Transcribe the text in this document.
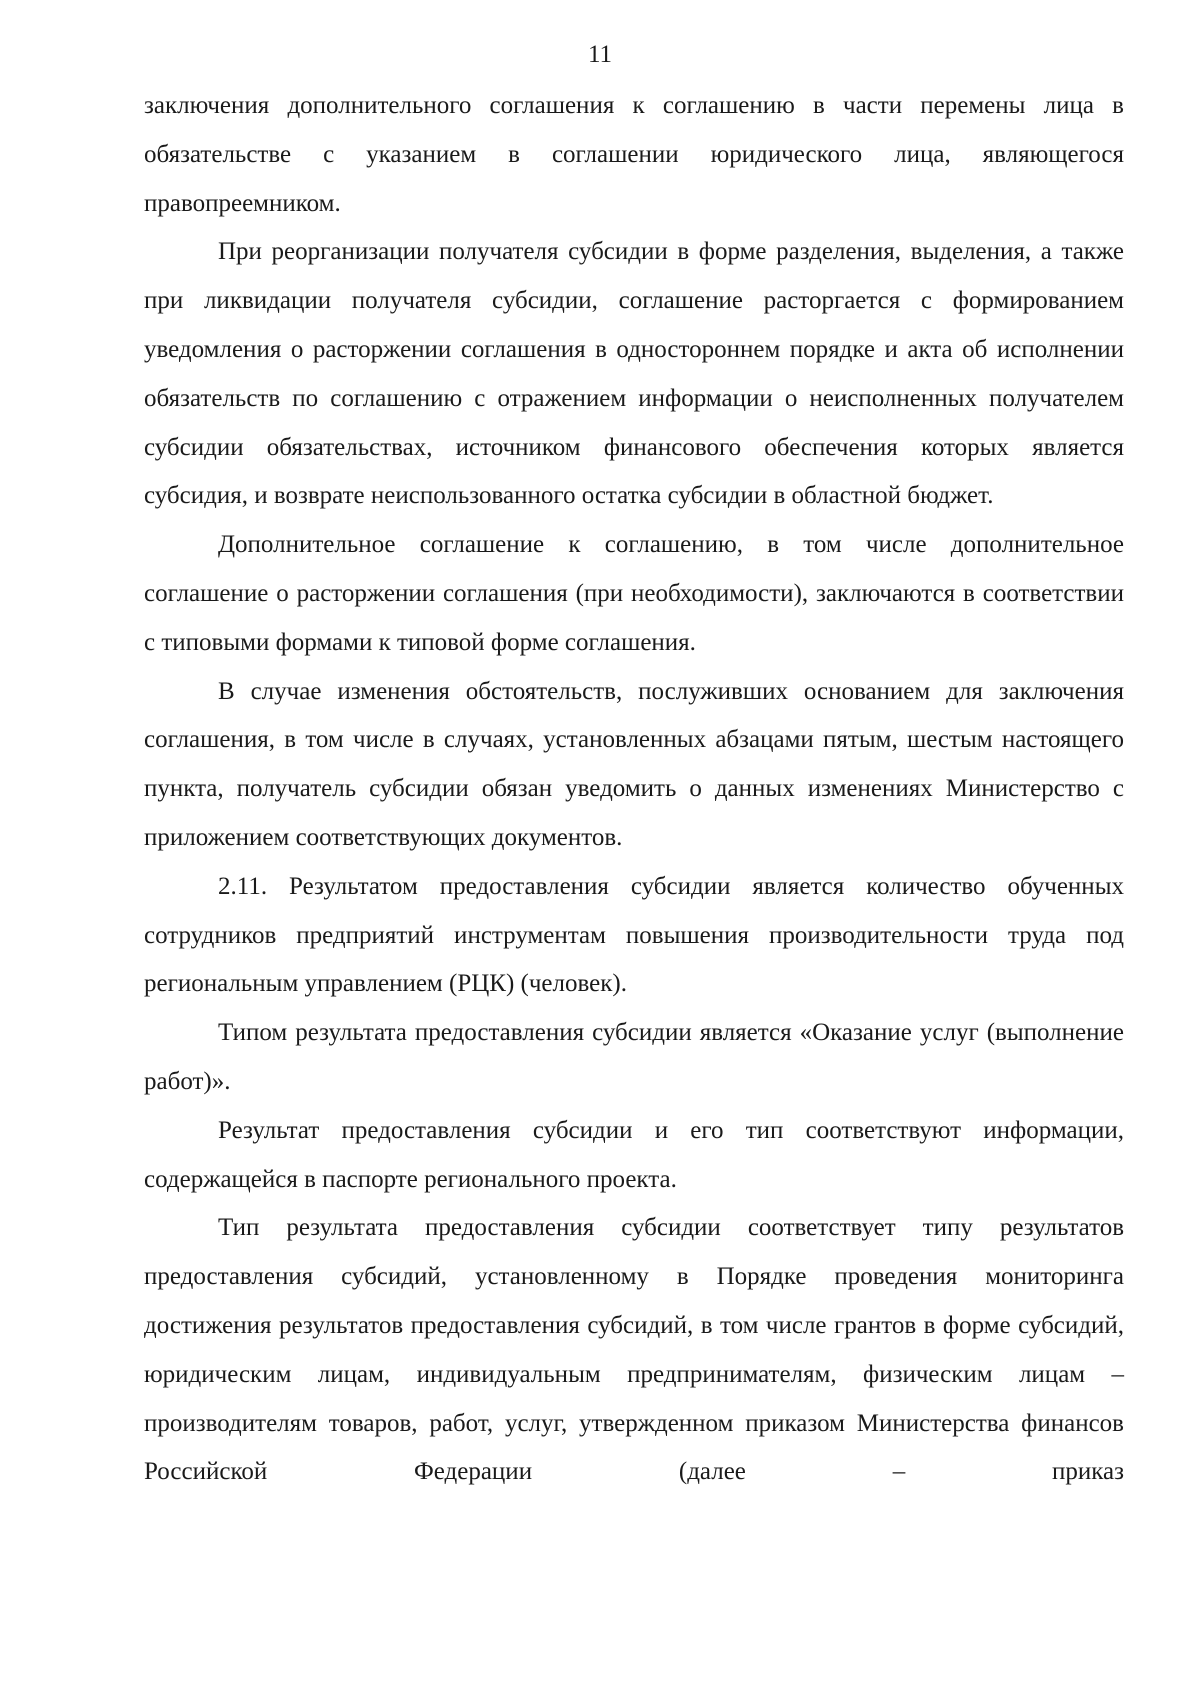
11

заключения дополнительного соглашения к соглашению в части перемены лица в обязательстве с указанием в соглашении юридического лица, являющегося правопреемником.

При реорганизации получателя субсидии в форме разделения, выделения, а также при ликвидации получателя субсидии, соглашение расторгается с формированием уведомления о расторжении соглашения в одностороннем порядке и акта об исполнении обязательств по соглашению с отражением информации о неисполненных получателем субсидии обязательствах, источником финансового обеспечения которых является субсидия, и возврате неиспользованного остатка субсидии в областной бюджет.

Дополнительное соглашение к соглашению, в том числе дополнительное соглашение о расторжении соглашения (при необходимости), заключаются в соответствии с типовыми формами к типовой форме соглашения.

В случае изменения обстоятельств, послуживших основанием для заключения соглашения, в том числе в случаях, установленных абзацами пятым, шестым настоящего пункта, получатель субсидии обязан уведомить о данных изменениях Министерство с приложением соответствующих документов.

2.11. Результатом предоставления субсидии является количество обученных сотрудников предприятий инструментам повышения производительности труда под региональным управлением (РЦК) (человек).

Типом результата предоставления субсидии является «Оказание услуг (выполнение работ)».

Результат предоставления субсидии и его тип соответствуют информации, содержащейся в паспорте регионального проекта.

Тип результата предоставления субсидии соответствует типу результатов предоставления субсидий, установленному в Порядке проведения мониторинга достижения результатов предоставления субсидий, в том числе грантов в форме субсидий, юридическим лицам, индивидуальным предпринимателям, физическим лицам – производителям товаров, работ, услуг, утвержденном приказом Министерства финансов Российской Федерации (далее – приказ
